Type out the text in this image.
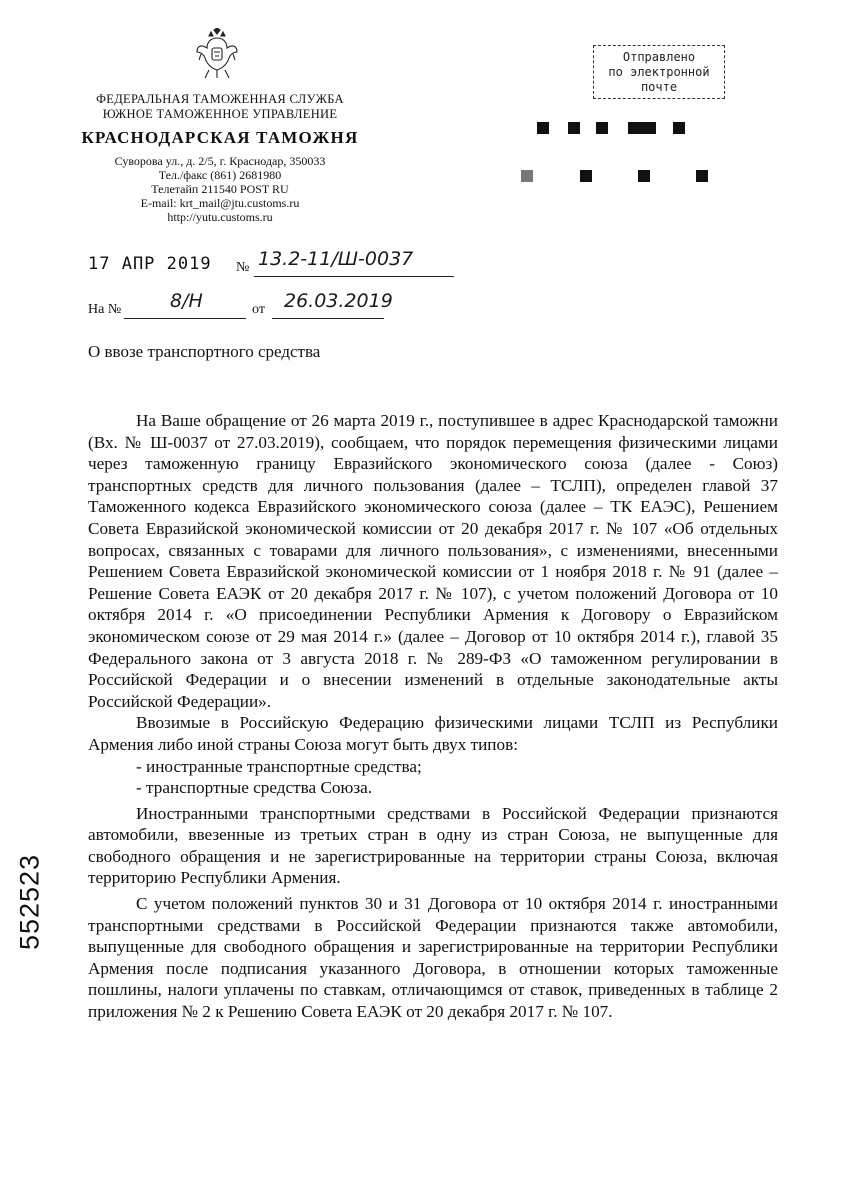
ФЕДЕРАЛЬНАЯ ТАМОЖЕННАЯ СЛУЖБА
ЮЖНОЕ ТАМОЖЕННОЕ УПРАВЛЕНИЕ
КРАСНОДАРСКАЯ ТАМОЖНЯ
Суворова ул., д. 2/5, г. Краснодар, 350033
Тел./факс (861) 2681980
Телетайп 211540 POST RU
E-mail: krt_mail@jtu.customs.ru
http://yutu.customs.ru
Отправлено
по электронной
почте
17 АПР 2019 № 13.2-11/Ш-0037
На №	8/Н	от 26.03.2019
О ввозе транспортного средства

На Ваше обращение от 26 марта 2019 г., поступившее в адрес Краснодарской таможни (Вх. № Ш-0037 от 27.03.2019), сообщаем, что порядок перемещения физическими лицами через таможенную границу Евразийского экономического союза (далее - Союз) транспортных средств для личного пользования (далее – ТСЛП), определен главой 37 Таможенного кодекса Евразийского экономического союза (далее – ТК ЕАЭС), Решением Совета Евразийской экономической комиссии от 20 декабря 2017 г. № 107 «Об отдельных вопросах, связанных с товарами для личного пользования», с изменениями, внесенными Решением Совета Евразийской экономической комиссии от 1 ноября 2018 г. № 91 (далее – Решение Совета ЕАЭК от 20 декабря 2017 г. № 107), с учетом положений Договора от 10 октября 2014 г. «О присоединении Республики Армения к Договору о Евразийском экономическом союзе от 29 мая 2014 г.» (далее – Договор от 10 октября 2014 г.), главой 35 Федерального закона от 3 августа 2018 г. № 289-ФЗ «О таможенном регулировании в Российской Федерации и о внесении изменений в отдельные законодательные акты Российской Федерации».

Ввозимые в Российскую Федерацию физическими лицами ТСЛП из Республики Армения либо иной страны Союза могут быть двух типов:

- иностранные транспортные средства;

- транспортные средства Союза.

Иностранными транспортными средствами в Российской Федерации признаются автомобили, ввезенные из третьих стран в одну из стран Союза, не выпущенные для свободного обращения и не зарегистрированные на территории страны Союза, включая территорию Республики Армения.

С учетом положений пунктов 30 и 31 Договора от 10 октября 2014 г. иностранными транспортными средствами в Российской Федерации признаются также автомобили, выпущенные для свободного обращения и зарегистрированные на территории Республики Армения после подписания указанного Договора, в отношении которых таможенные пошлины, налоги уплачены по ставкам, отличающимся от ставок, приведенных в таблице 2 приложения № 2 к Решению Совета ЕАЭК от 20 декабря 2017 г. № 107.

552523
